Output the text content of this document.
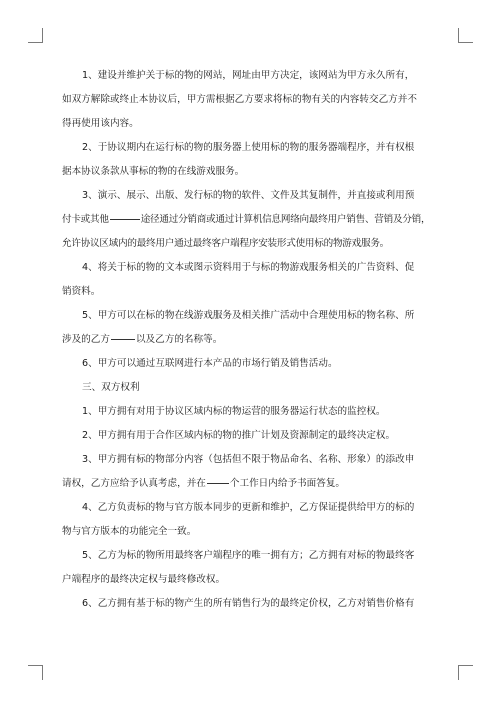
1、建设并维护关于标的物的网站，网址由甲方决定，该网站为甲方永久所有，
如双方解除或终止本协议后，甲方需根据乙方要求将标的物有关的内容转交乙方并不
得再使用该内容。
2、于协议期内在运行标的物的服务器上使用标的物的服务器端程序，并有权根
据本协议条款从事标的物的在线游戏服务。
3、演示、展示、出版、发行标的物的软件、文件及其复制件，并直接或利用预
付卡或其他	途径通过分销商或通过计算机信息网络向最终用户销售、营销及分销，
允许协议区域内的最终用户通过最终客户端程序安装形式使用标的物游戏服务。
4、将关于标的物的文本或图示资料用于与标的物游戏服务相关的广告资料、促
销资料。
5、甲方可以在标的物在线游戏服务及相关推广活动中合理使用标的物名称、所
涉及的乙方	以及乙方的名称等。
6、甲方可以通过互联网进行本产品的市场行销及销售活动。
三、双方权利
1、甲方拥有对用于协议区域内标的物运营的服务器运行状态的监控权。
2、甲方拥有用于合作区域内标的物的推广计划及资源制定的最终决定权。
3、甲方拥有标的物部分内容（包括但不限于物品命名、名称、形象）的添改申
请权，乙方应给予认真考虑，并在	个工作日内给予书面答复。
4、乙方负责标的物与官方版本同步的更新和维护，乙方保证提供给甲方的标的
物与官方版本的功能完全一致。
5、乙方为标的物所用最终客户端程序的唯一拥有方；乙方拥有对标的物最终客
户端程序的最终决定权与最终修改权。
6、乙方拥有基于标的物产生的所有销售行为的最终定价权，乙方对销售价格有
